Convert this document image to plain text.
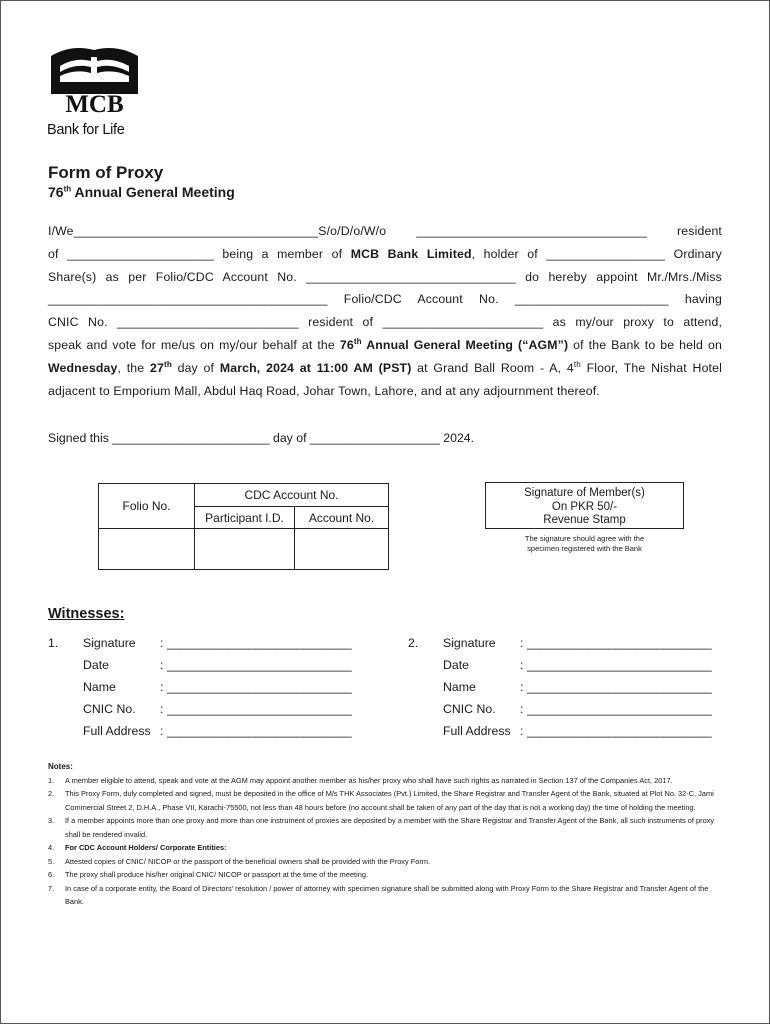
MCB
Bank for Life
Form of Proxy
76th Annual General Meeting
I/We___________________________________S/o/D/o/W/o _________________________________ resident
of _____________________ being a member of MCB Bank Limited, holder of _________________ Ordinary
Share(s) as per Folio/CDC Account No. ______________________________ do hereby appoint Mr./Mrs./Miss
________________________________________ Folio/CDC Account No. ______________________ having
CNIC No. __________________________ resident of _______________________ as my/our proxy to attend,
speak and vote for me/us on my/our behalf at the 76th Annual General Meeting (“AGM”) of the Bank to be held on
Wednesday, the 27th day of March, 2024 at 11:00 AM (PST) at Grand Ball Room - A, 4th Floor, The Nishat Hotel
adjacent to Emporium Mall, Abdul Haq Road, Johar Town, Lahore, and at any adjournment thereof.
Signed this _______________________ day of ___________________ 2024.
Folio No.	CDC Account No.	
	Participant I.D.	Account No.

Signature of Member(s)
On PKR 50/-
Revenue Stamp
The signature should agree with the
specimen registered with the Bank
Witnesses:
1. Signature : ___________________________
Date	: ___________________________
Name	: ___________________________
CNIC No. : ___________________________
Full Address : ___________________________
2. Signature : ___________________________
Date	: ___________________________
Name	: ___________________________
CNIC No. : ___________________________
Full Address : ___________________________
Notes:
1. A member eligible to attend, speak and vote at the AGM may appoint another member as his/her proxy who shall have such rights as narrated in Section 137 of the Companies Act, 2017.
2. This Proxy Form, duly completed and signed, must be deposited in the office of M/s THK Associates (Pvt.) Limited, the Share Registrar and Transfer Agent of the Bank, situated at Plot No. 32-C, Jami Commercial Street 2, D.H.A., Phase VII, Karachi-75500, not less than 48 hours before (no account shall be taken of any part of the day that is not a working day) the time of holding the meeting.
3. If a member appoints more than one proxy and more than one instrument of proxies are deposited by a member with the Share Registrar and Transfer Agent of the Bank, all such instruments of proxy shall be rendered invalid.
4. For CDC Account Holders/ Corporate Entities:
5. Attested copies of CNIC/ NICOP or the passport of the beneficial owners shall be provided with the Proxy Form.
6. The proxy shall produce his/her original CNIC/ NICOP or passport at the time of the meeting.
7. In case of a corporate entity, the Board of Directors' resolution / power of attorney with specimen signature shall be submitted along with Proxy Form to the Share Registrar and Transfer Agent of the Bank.
